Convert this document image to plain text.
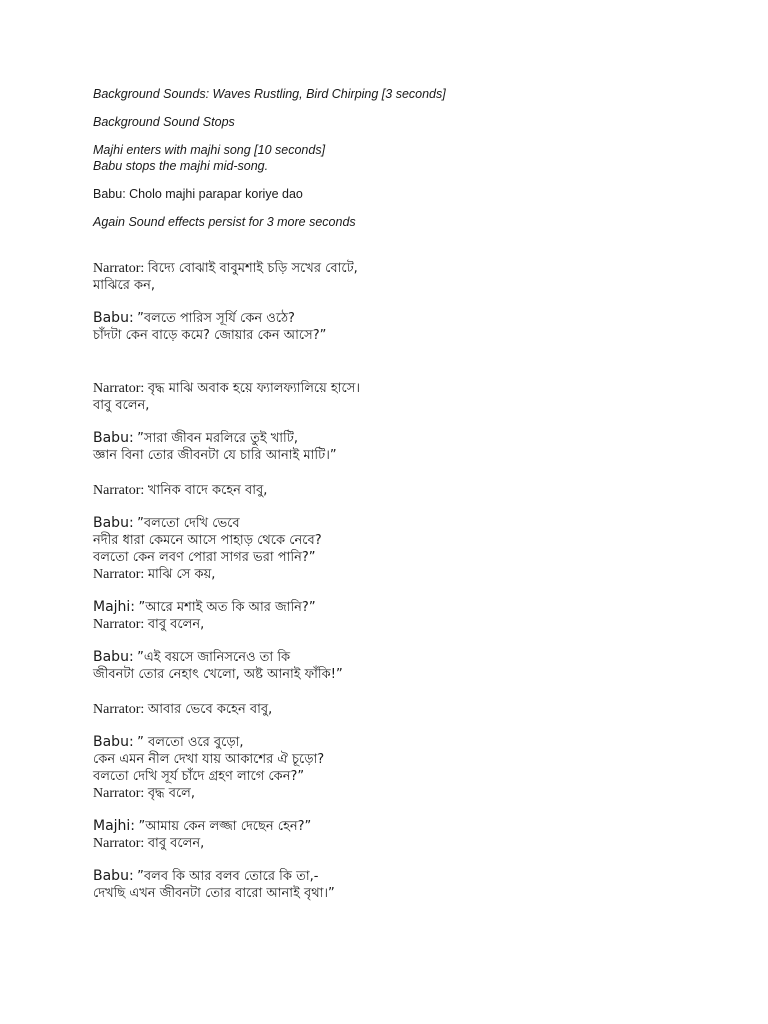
Background Sounds: Waves Rustling, Bird Chirping [3 seconds]

Background Sound Stops

Majhi enters with majhi song [10 seconds]
Babu stops the majhi mid-song.

Babu: Cholo majhi parapar koriye dao

Again Sound effects persist for 3 more seconds

Narrator: বিদ্যে বোঝাই বাবুমশাই চড়ি সখের বোটে,
মাঝিরে কন,
Babu: ”বলতে পারিস সূর্যি কেন ওঠে?
চাঁদটা কেন বাড়ে কমে? জোয়ার কেন আসে?”
Narrator: বৃদ্ধ মাঝি অবাক হয়ে ফ্যালফ্যালিয়ে হাসে।
বাবু বলেন,
Babu: ”সারা জীবন মরলিরে তুই খাটি,
জ্ঞান বিনা তোর জীবনটা যে চারি আনাই মাটি।”
Narrator: খানিক বাদে কহেন বাবু,
Babu: ”বলতো দেখি ভেবে
নদীর ধারা কেমনে আসে পাহাড় থেকে নেবে?
বলতো কেন লবণ পোরা সাগর ভরা পানি?”
Narrator: মাঝি সে কয়,
Majhi: ”আরে মশাই অত কি আর জানি?”
Narrator: বাবু বলেন,
Babu: ”এই বয়সে জানিসনেও তা কি
জীবনটা তোর নেহাৎ খেলো, অষ্ট আনাই ফাঁকি!”
Narrator: আবার ভেবে কহেন বাবু,
Babu: ” বলতো ওরে বুড়ো,
কেন এমন নীল দেখা যায় আকাশের ঐ চূড়ো?
বলতো দেখি সূর্য চাঁদে গ্রহণ লাগে কেন?”
Narrator: বৃদ্ধ বলে,
Majhi: ”আমায় কেন লজ্জা দেছেন হেন?”
Narrator: বাবু বলেন,
Babu: ”বলব কি আর বলব তোরে কি তা,-
দেখছি এখন জীবনটা তোর বারো আনাই বৃথা।”
